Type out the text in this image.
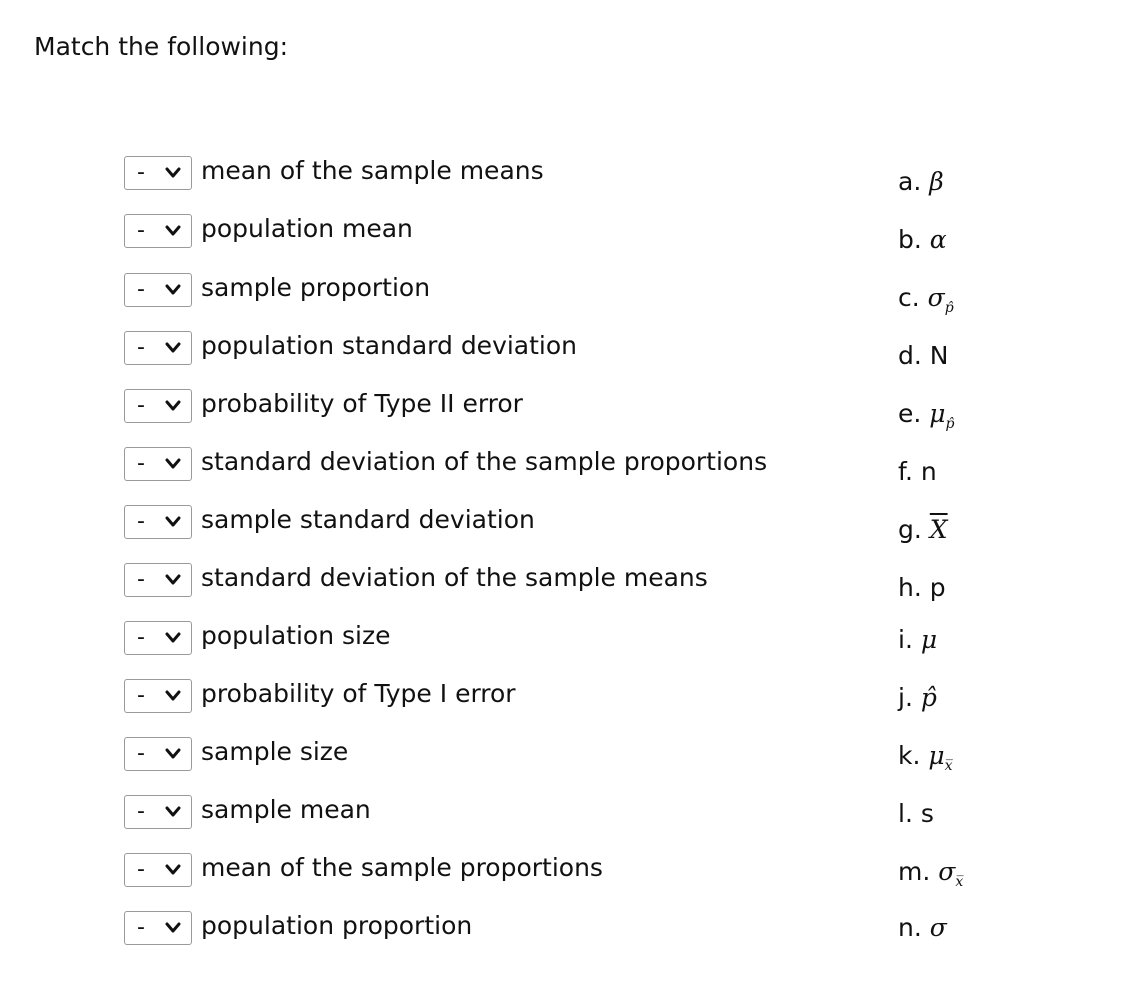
Match the following:
- mean of the sample means
- population mean
- sample proportion
- population standard deviation
- probability of Type II error
- standard deviation of the sample proportions
- sample standard deviation
- standard deviation of the sample means
- population size
- probability of Type I error
- sample size
- sample mean
- mean of the sample proportions
- population proportion
a. β
b. α
c. $\sigma_{p̂}$
d. N
e. $\mu_{p̂}$
f. n
g. $\overline{X}$
h. p
i. μ
j. p̂
k. $\mu_{x̅}$
l. s
m. $\sigma_{x̅}$
n. σ
